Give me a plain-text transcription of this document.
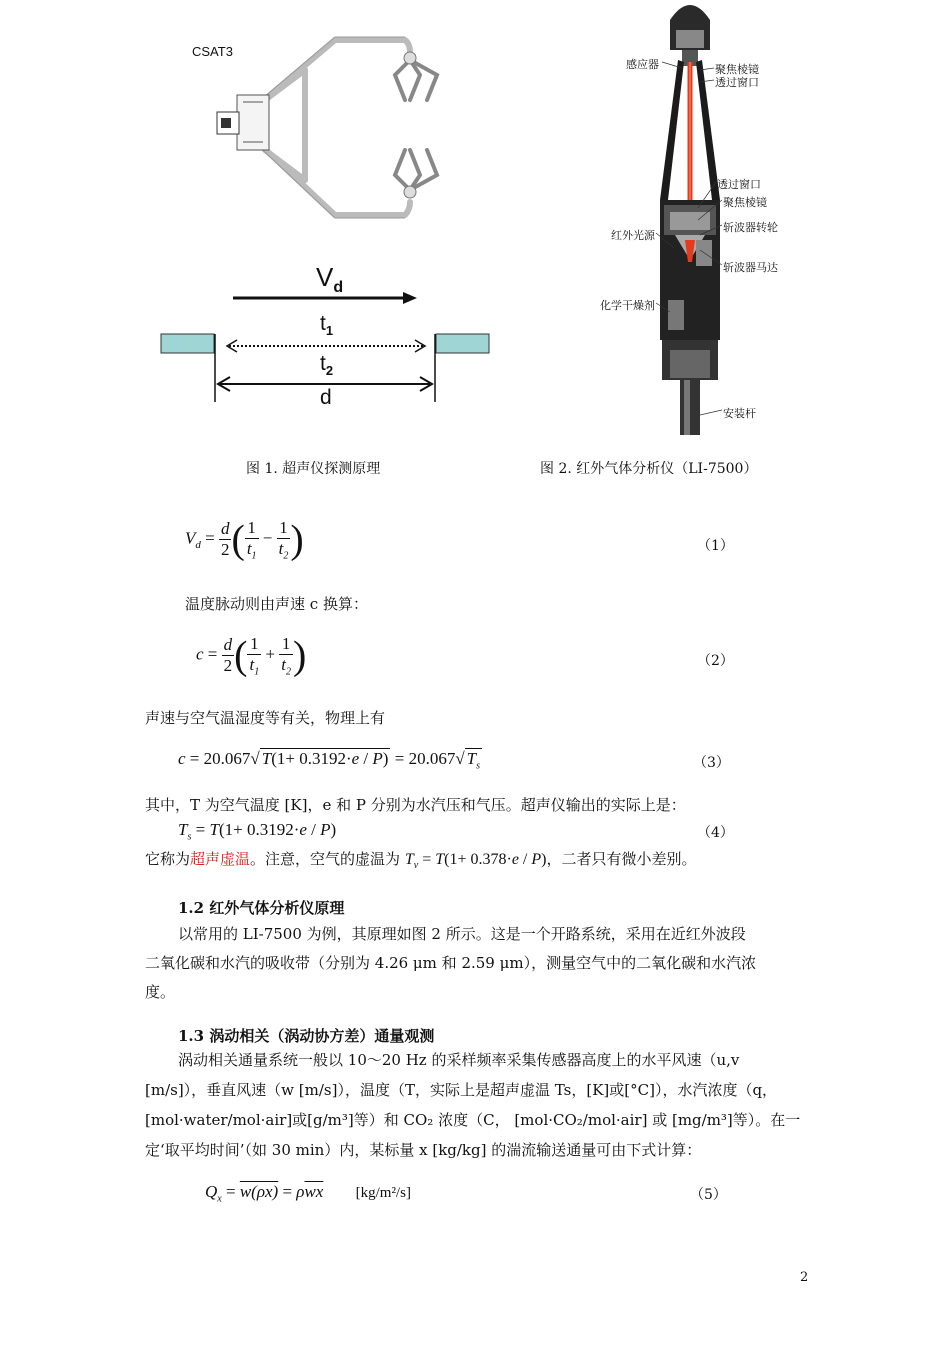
CSAT3
$V_d$
$t_1$
$t_2$
d
图 1. 超声仪探测原理
感应器	聚焦棱镜
透过窗口
透过窗口
聚焦棱镜
斩波器转轮
红外光源
斩波器马达
化学干燥剂
安装杆
图 2. 红外气体分析仪（LI-7500）
$V_d = \frac{d}{2}$ ( $\frac{1}{t_1} - \frac{1}{t_2}$ )	（1）
温度脉动则由声速 c 换算：
$c = \frac{d}{2}$ ( $\frac{1}{t_1} + \frac{1}{t_2}$ )	（2）
声速与空气温湿度等有关，物理上有
c = 20.067√ T(1+ 0.3192·e / P) = 20.067√ $T_s$	（3）
其中，T 为空气温度 [K]，e 和 P 分别为水汽压和气压。超声仪输出的实际上是：
$T_s = T(1+ 0.3192\cdot e / P)$	（4）
它称为超声虚温。注意，空气的虚温为 $T_v = T(1+ 0.378\cdot e / P)$，二者只有微小差别。
1.2 红外气体分析仪原理
以常用的 LI-7500 为例，其原理如图 2 所示。这是一个开路系统，采用在近红外波段
二氧化碳和水汽的吸收带（分别为 4.26 μm 和 2.59 μm），测量空气中的二氧化碳和水汽浓
度。
1.3 涡动相关（涡动协方差）通量观测
涡动相关通量系统一般以 10～20 Hz 的采样频率采集传感器高度上的水平风速（u,v
[m/s]），垂直风速（w [m/s]），温度（T，实际上是超声虚温 Ts，[K]或[°C]），水汽浓度（q，
[mol·water/mol·air]或[g/m³]等）和 CO₂ 浓度（C， [mol·CO₂/mol·air] 或 [mg/m³]等）。在一
定‘取平均时间’（如 30 min）内，某标量 x [kg/kg] 的湍流输送通量可由下式计算：
$Q_x = w(\rho x) = \rho\overline{wx}$ [kg/m²/s]	（5）
2
